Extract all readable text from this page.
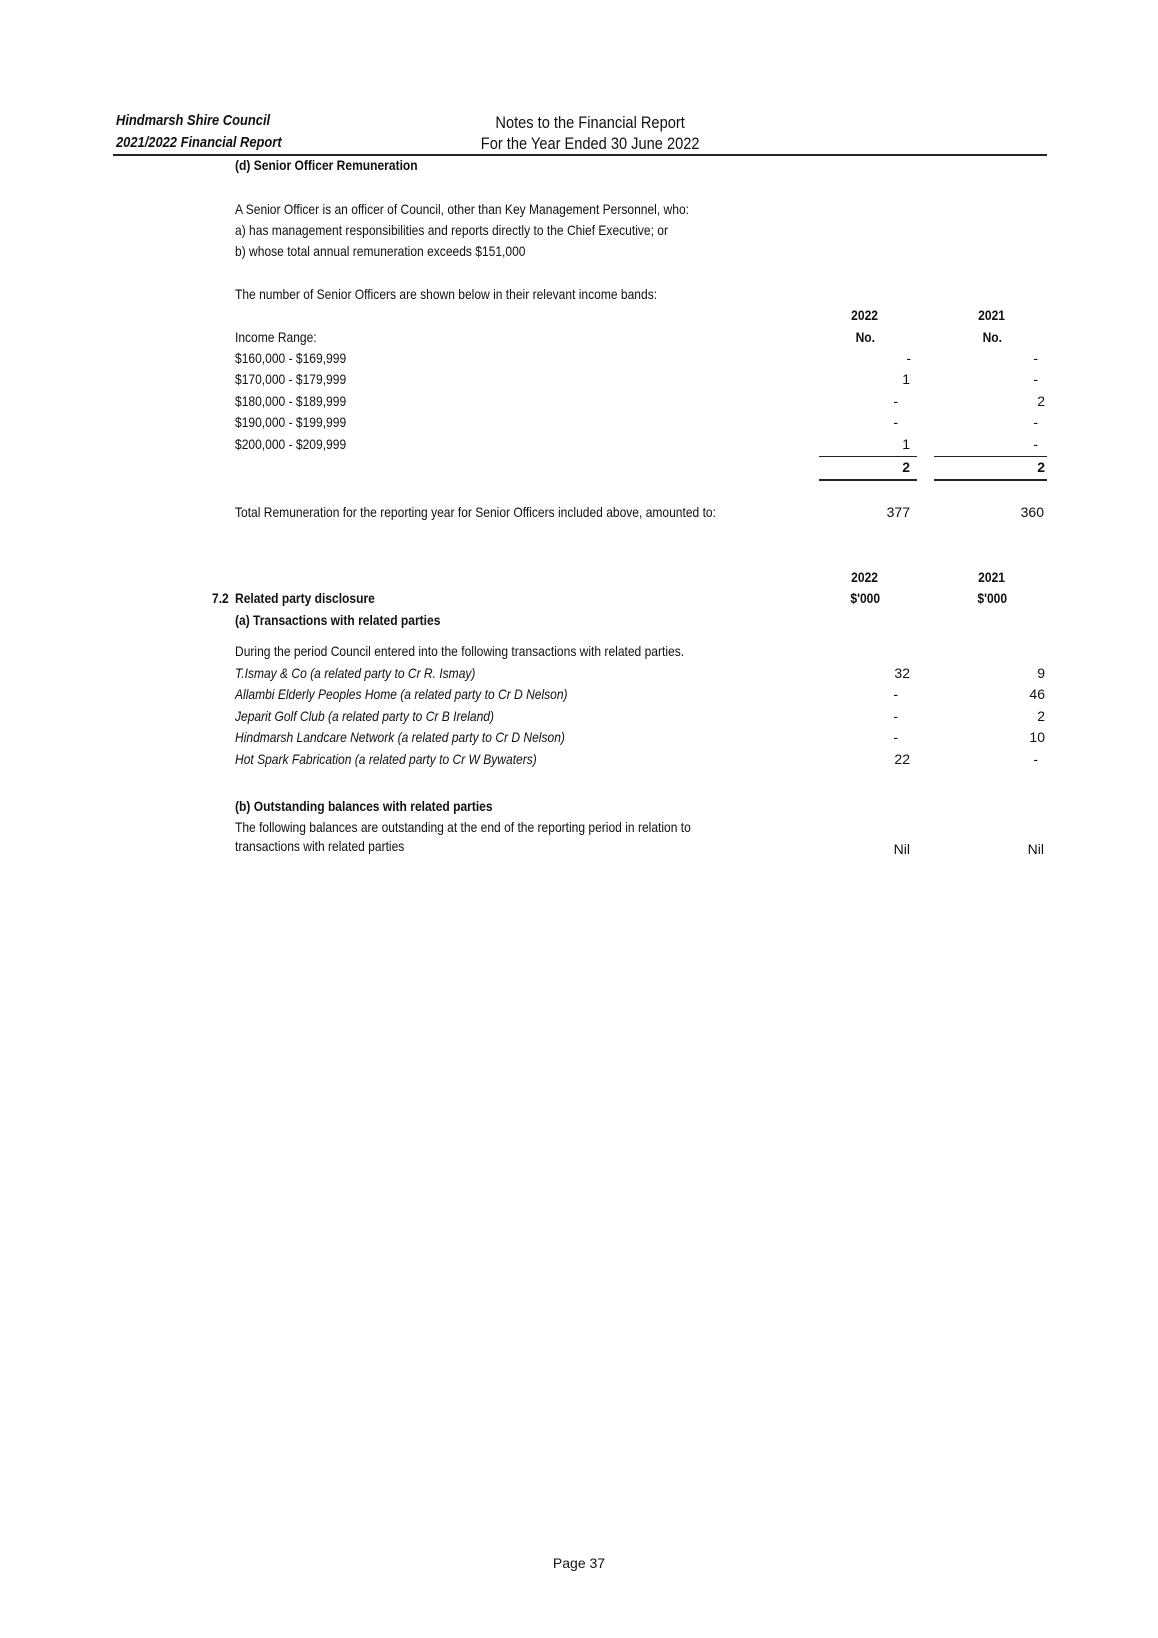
Hindmarsh Shire Council
2021/2022 Financial Report
Notes to the Financial Report
For the Year Ended 30 June 2022
(d) Senior Officer Remuneration
A Senior Officer is an officer of Council, other than Key Management Personnel, who:
a) has management responsibilities and reports directly to the Chief Executive; or
b) whose total annual remuneration exceeds $151,000
The number of Senior Officers are shown below in their relevant income bands:
2022	2021
Income Range:	No.	No.
$160,000 - $169,999	-	-
$170,000 - $179,999	1	-
$180,000 - $189,999	-	2
$190,000 - $199,999	-	-
$200,000 - $209,999	1	-
2	2
Total Remuneration for the reporting year for Senior Officers included above, amounted to:	377	360
2022	2021
7.2 Related party disclosure	$'000	$'000
(a) Transactions with related parties
During the period Council entered into the following transactions with related parties.
T.Ismay & Co (a related party to Cr R. Ismay)	32	9
Allambi Elderly Peoples Home (a related party to Cr D Nelson)	-	46
Jeparit Golf Club (a related party to Cr B Ireland)	-	2
Hindmarsh Landcare Network (a related party to Cr D Nelson)	-	10
Hot Spark Fabrication (a related party to Cr W Bywaters)	22	-
(b) Outstanding balances with related parties
The following balances are outstanding at the end of the reporting period in relation to
transactions with related parties	Nil	Nil
Page 37
